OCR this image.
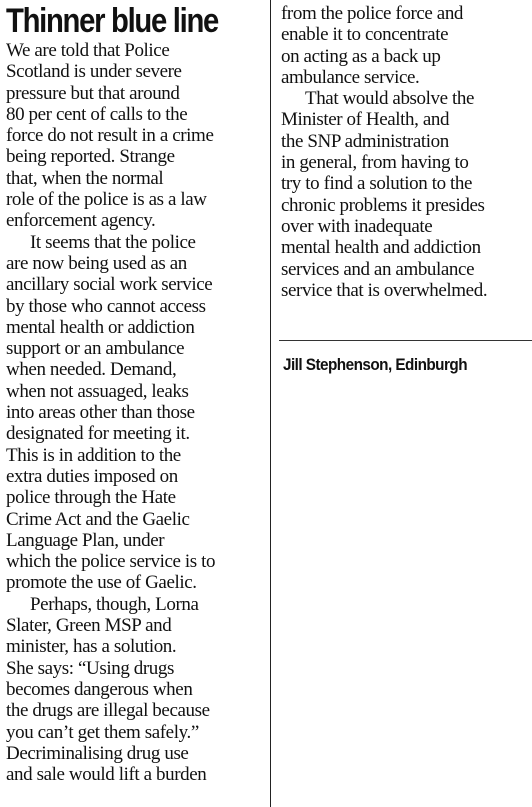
Thinner blue line
We are told that Police
Scotland is under severe
pressure but that around
80 per cent of calls to the
force do not result in a crime
being reported. Strange
that, when the normal
role of the police is as a law
enforcement agency.
It seems that the police
are now being used as an
ancillary social work service
by those who cannot access
mental health or addiction
support or an ambulance
when needed. Demand,
when not assuaged, leaks
into areas other than those
designated for meeting it.
This is in addition to the
extra duties imposed on
police through the Hate
Crime Act and the Gaelic
Language Plan, under
which the police service is to
promote the use of Gaelic.
Perhaps, though, Lorna
Slater, Green MSP and
minister, has a solution.
She says: “Using drugs
becomes dangerous when
the drugs are illegal because
you can’t get them safely.”
Decriminalising drug use
and sale would lift a burden
from the police force and
enable it to concentrate
on acting as a back up
ambulance service.
That would absolve the
Minister of Health, and
the SNP administration
in general, from having to
try to find a solution to the
chronic problems it presides
over with inadequate
mental health and addiction
services and an ambulance
service that is overwhelmed.

Jill Stephenson, Edinburgh
